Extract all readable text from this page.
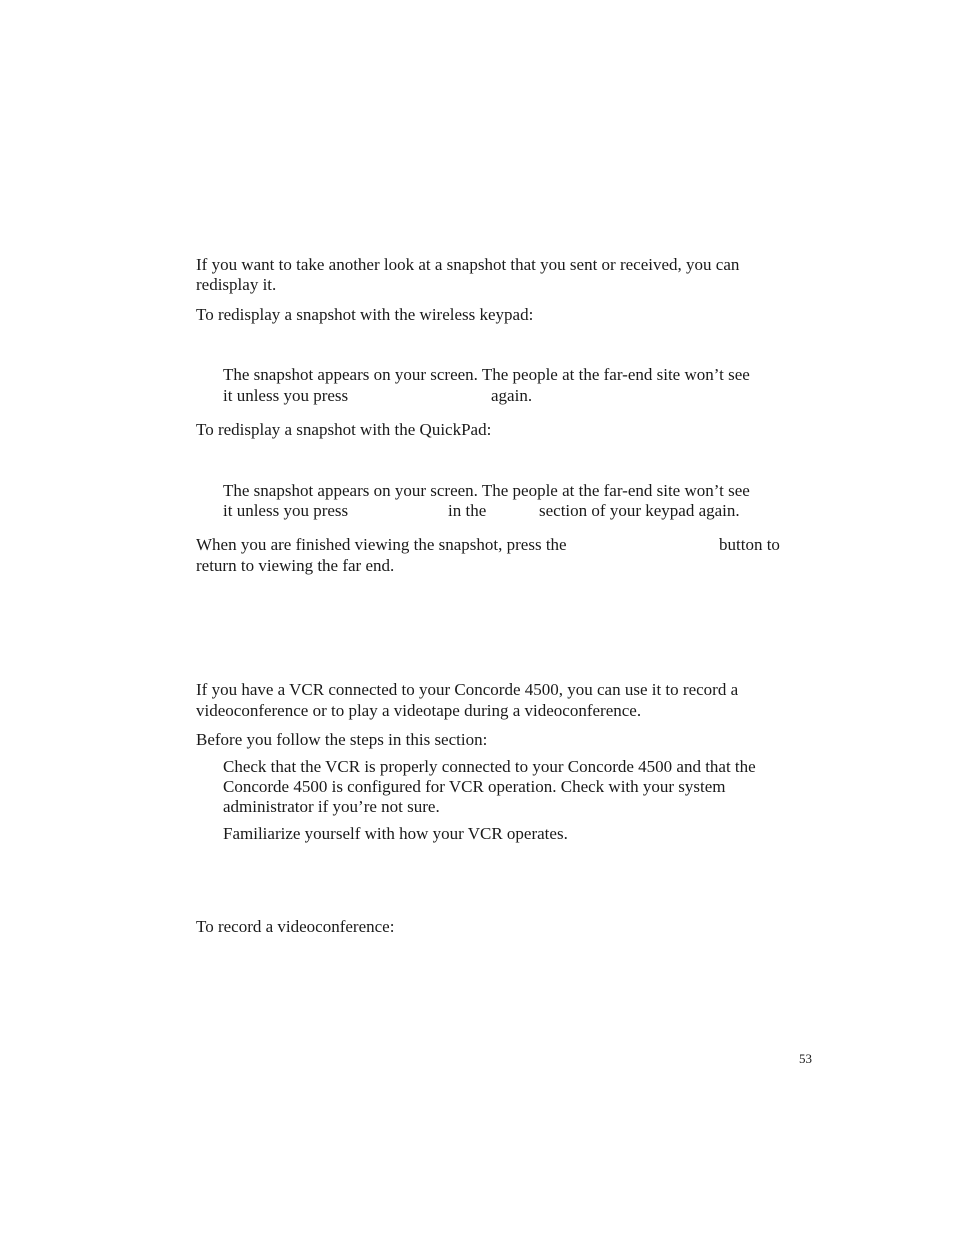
If you want to take another look at a snapshot that you sent or received, you can

redisplay it.

To redisplay a snapshot with the wireless keypad:

The snapshot appears on your screen. The people at the far-end site won’t see

it unless you press	again.

To redisplay a snapshot with the QuickPad:

The snapshot appears on your screen. The people at the far-end site won’t see

it unless you press	in the	section of your keypad again.

When you are finished viewing the snapshot, press the	button to

return to viewing the far end.

If you have a VCR connected to your Concorde 4500, you can use it to record a

videoconference or to play a videotape during a videoconference.

Before you follow the steps in this section:

Check that the VCR is properly connected to your Concorde 4500 and that the

Concorde 4500 is configured for VCR operation. Check with your system

administrator if you’re not sure.

Familiarize yourself with how your VCR operates.

To record a videoconference:

53
